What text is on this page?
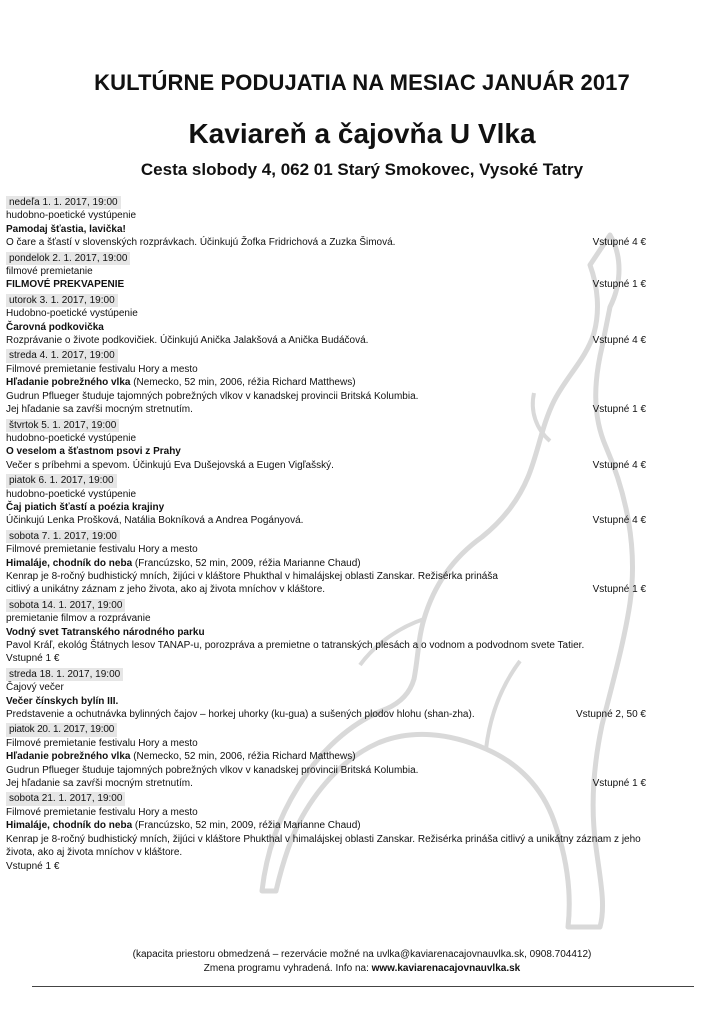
KULTÚRNE PODUJATIA NA MESIAC JANUÁR 2017
Kaviareň a čajovňa U Vlka
Cesta slobody 4, 062 01 Starý Smokovec, Vysoké Tatry
nedeľa 1. 1. 2017, 19:00
hudobno-poetické vystúpenie
Pamodaj šťastia, lavička!
O čare a šťastí v slovenských rozprávkach. Účinkujú Žofka Fridrichová a Zuzka Šimová.	Vstupné 4 €
pondelok 2. 1. 2017, 19:00
filmové premietanie
FILMOVÉ PREKVAPENIE	Vstupné 1 €
utorok 3. 1. 2017, 19:00
Hudobno-poetické vystúpenie
Čarovná podkovička
Rozprávanie o živote podkovičiek. Účinkujú Anička Jalakšová a Anička Budáčová.	Vstupné 4 €
streda 4. 1. 2017, 19:00
Filmové premietanie festivalu Hory a mesto
Hľadanie pobrežného vlka (Nemecko, 52 min, 2006, réžia Richard Matthews)
Gudrun Pflueger študuje tajomných pobrežných vlkov v kanadskej provincii Britská Kolumbia.
Jej hľadanie sa zavŕši mocným stretnutím.	Vstupné 1 €
štvrtok 5. 1. 2017, 19:00
hudobno-poetické vystúpenie
O veselom a šťastnom psovi z Prahy
Večer s príbehmi a spevom. Účinkujú Eva Dušejovská a Eugen Vigľašský.	Vstupné 4 €
piatok 6. 1. 2017, 19:00
hudobno-poetické vystúpenie
Čaj piatich šťastí a poézia krajiny
Účinkujú Lenka Prošková, Natália Bokníková a Andrea Pogányová.	Vstupné 4 €
sobota 7. 1. 2017, 19:00
Filmové premietanie festivalu Hory a mesto
Himaláje, chodník do neba (Francúzsko, 52 min, 2009, réžia Marianne Chaud)
Kenrap je 8-ročný budhistický mních, žijúci v kláštore Phukthal v himalájskej oblasti Zanskar. Režisérka prináša
citlivý a unikátny záznam z jeho života, ako aj života mníchov v kláštore.	Vstupné 1 €
sobota 14. 1. 2017, 19:00
premietanie filmov a rozprávanie
Vodný svet Tatranského národného parku
Pavol Kráľ, ekológ Štátnych lesov TANAP-u, porozpráva a premietne o tatranských plesách a o vodnom a podvodnom svete Tatier.
Vstupné 1 €
streda 18. 1. 2017, 19:00
Čajový večer
Večer čínskych bylín III.
Predstavenie a ochutnávka bylinných čajov – horkej uhorky (ku-gua) a sušených plodov hlohu (shan-zha).	Vstupné 2, 50 €
piatok 20. 1. 2017, 19:00
Filmové premietanie festivalu Hory a mesto
Hľadanie pobrežného vlka (Nemecko, 52 min, 2006, réžia Richard Matthews)
Gudrun Pflueger študuje tajomných pobrežných vlkov v kanadskej provincii Britská Kolumbia.
Jej hľadanie sa zavŕši mocným stretnutím.	Vstupné 1 €
sobota 21. 1. 2017, 19:00
Filmové premietanie festivalu Hory a mesto
Himaláje, chodník do neba (Francúzsko, 52 min, 2009, réžia Marianne Chaud)
Kenrap je 8-ročný budhistický mních, žijúci v kláštore Phukthal v himalájskej oblasti Zanskar. Režisérka prináša citlivý a unikátny záznam z jeho
života, ako aj života mníchov v kláštore.
Vstupné 1 €
(kapacita priestoru obmedzená – rezervácie možné na uvlka@kaviarenacajovnauvlka.sk, 0908.704412)
Zmena programu vyhradená. Info na: www.kaviarenacajovnauvlka.sk
